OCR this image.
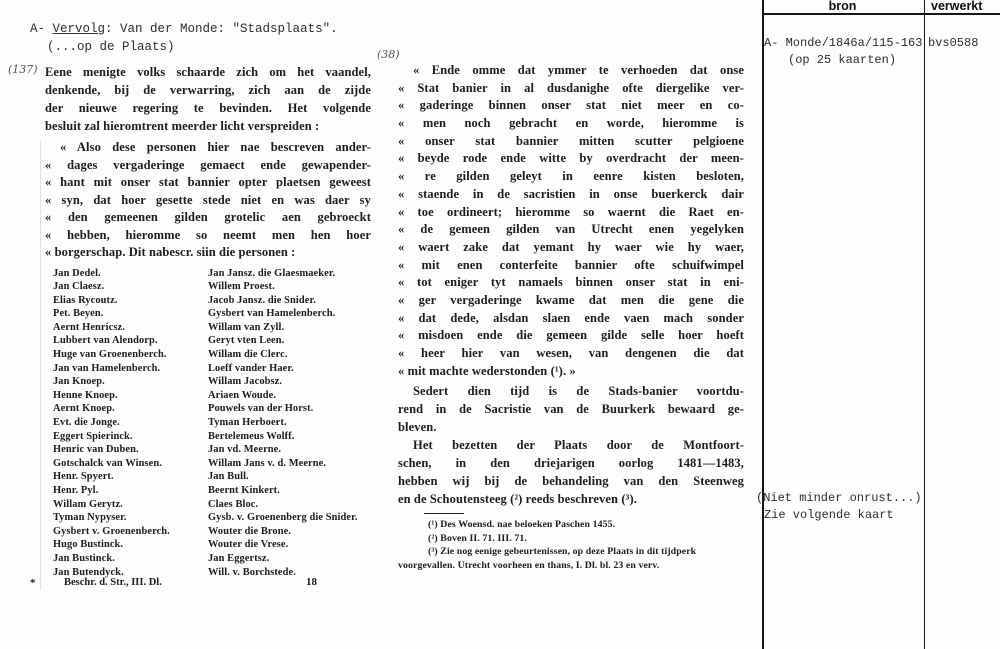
bron	verwerkt
A- Monde/1846a/115-163
(op 25 kaarten)
bvs0588
(Niet minder onrust...)
Zie volgende kaart
A- Vervolg: Van der Monde: "Stadsplaats".
(...op de Plaats)
(137)
(38)
Eene menigte volks schaarde zich om het vaandel,
denkende, bij de verwarring, zich aan de zijde
der nieuwe regering te bevinden. Het volgende
besluit zal hieromtrent meerder licht verspreiden :
« Also dese personen hier nae bescreven ander-
« dages vergaderinge gemaect ende gewapender-
« hant mit onser stat bannier opter plaetsen geweest
« syn, dat hoer gesette stede niet en was daer sy
« den gemeenen gilden grotelic aen gebroeckt
« hebben, hieromme so neemt men hen hoer
« borgerschap. Dit nabescr. siin die personen :
Jan Dedel.
Jan Claesz.
Elias Rycoutz.
Pet. Beyen.
Aernt Henricsz.
Lubbert van Alendorp.
Huge van Groenenberch.
Jan van Hamelenberch.
Jan Knoep.
Henne Knoep.
Aernt Knoep.
Evt. die Jonge.
Eggert Spierinck.
Henric van Duben.
Gotschalck van Winsen.
Henr. Spyert.
Henr. Pyl.
Willam Gerytz.
Tyman Nypyser.
Gysbert v. Groenenberch.
Hugo Bustinck.
Jan Bustinck.
Jan Butendyck.
Jan Jansz. die Glaesmaeker.
Willem Proest.
Jacob Jansz. die Snider.
Gysbert van Hamelenberch.
Willam van Zyll.
Geryt vten Leen.
Willam die Clerc.
Loeff vander Haer.
Willam Jacobsz.
Ariaen Woude.
Pouwels van der Horst.
Tyman Herboert.
Bertelemeus Wolff.
Jan vd. Meerne.
Willam Jans v. d. Meerne.
Jan Bull.
Beernt Kinkert.
Claes Bloc.
Gysb. v. Groenenberg die Snider.
Wouter die Brone.
Wouter die Vrese.
Jan Eggertsz.
Will. v. Borchstede.
*	Beschr. d. Str., III. Dl.	18
« Ende omme dat ymmer te verhoeden dat onse
« Stat banier in al dusdanighe ofte diergelike ver-
« gaderinge binnen onser stat niet meer en co-
« men noch gebracht en worde, hieromme is
« onser stat bannier mitten scutter pelgioene
« beyde rode ende witte by overdracht der meen-
« re gilden geleyt in eenre kisten besloten,
« staende in de sacristien in onse buerkerck dair
« toe ordineert; hieromme so waernt die Raet en-
« de gemeen gilden van Utrecht enen yegelyken
« waert zake dat yemant hy waer wie hy waer,
« mit enen conterfeite bannier ofte schuifwimpel
« tot eniger tyt namaels binnen onser stat in eni-
« ger vergaderinge kwame dat men die gene die
« dat dede, alsdan slaen ende vaen mach sonder
« misdoen ende die gemeen gilde selle hoer hoeft
« heer hier van wesen, van dengenen die dat
« mit machte wederstonden (¹). »
Sedert dien tijd is de Stads-banier voortdu-
rend in de Sacristie van de Buurkerk bewaard ge-
bleven.
Het bezetten der Plaats door de Montfoort-
schen, in den driejarigen oorlog 1481—1483,
hebben wij bij de behandeling van den Steenweg
en de Schoutensteeg (²) reeds beschreven (³).
(¹) Des Woensd. nae beloeken Paschen 1455.
(²) Boven II. 71. III. 71.
(³) Zie nog eenige gebeurtenissen, op deze Plaats in dit tijdperk
voorgevallen. Utrecht voorheen en thans, I. Dl. bl. 23 en verv.
